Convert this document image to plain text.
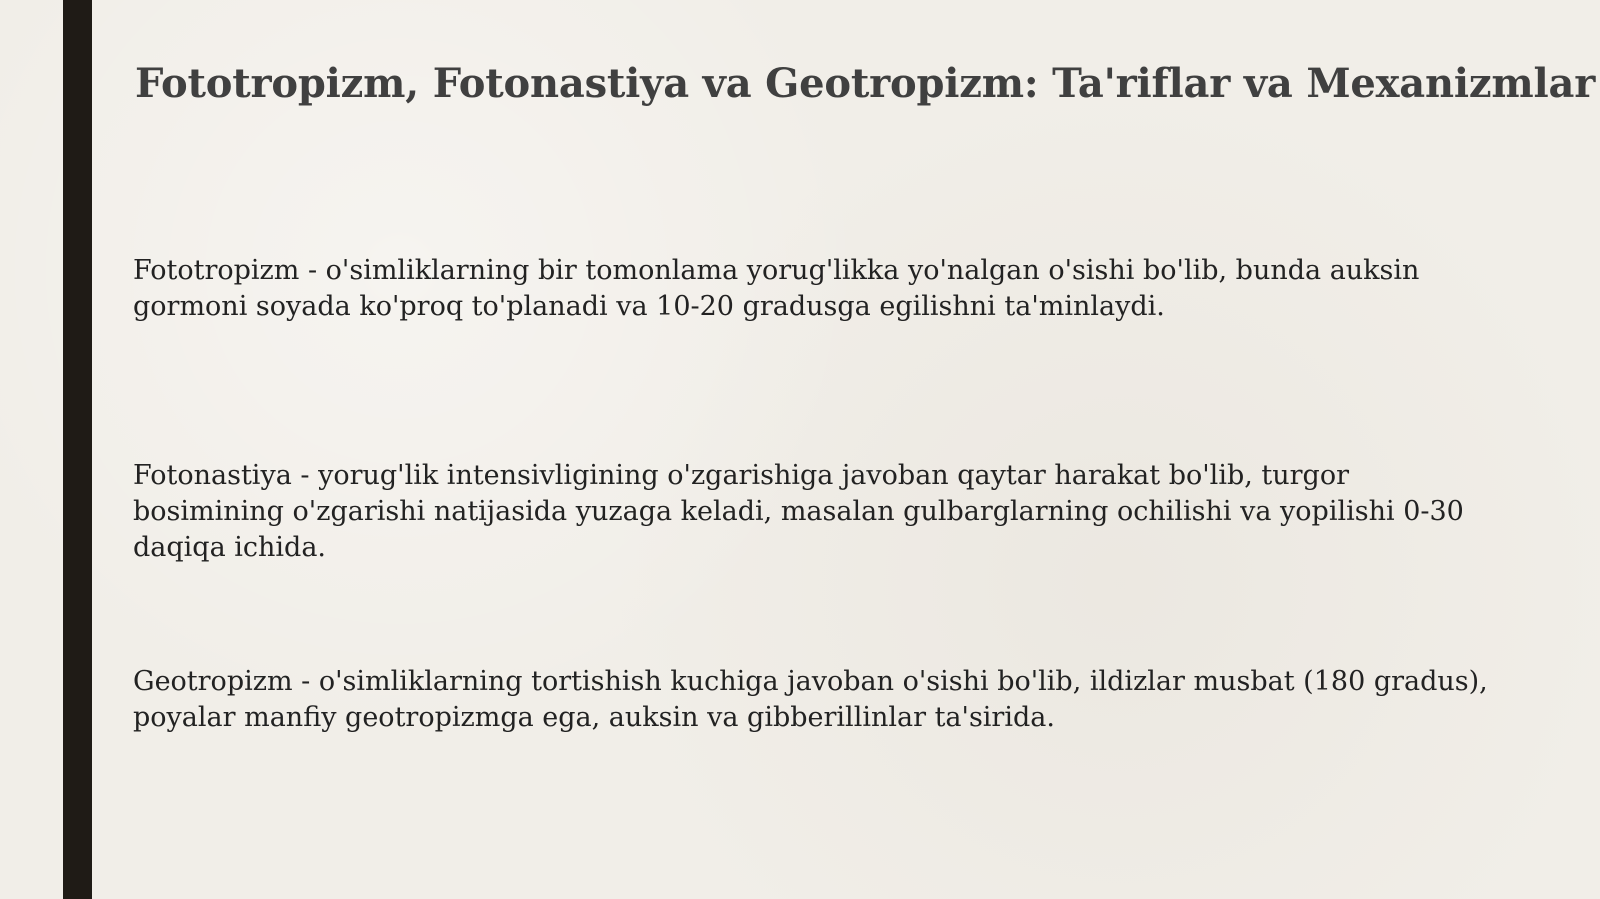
Fototropizm, Fotonastiya va Geotropizm: Ta'riflar va Mexanizmlar

Fototropizm - o'simliklarning bir tomonlama yorug'likka yo'nalgan o'sishi bo'lib, bunda auksin gormoni soyada ko'proq to'planadi va 10-20 gradusga egilishni ta'minlaydi.

Fotonastiya - yorug'lik intensivligining o'zgarishiga javoban qaytar harakat bo'lib, turgor bosimining o'zgarishi natijasida yuzaga keladi, masalan gulbarglarning ochilishi va yopilishi 0-30 daqiqa ichida.

Geotropizm - o'simliklarning tortishish kuchiga javoban o'sishi bo'lib, ildizlar musbat (180 gradus), poyalar manfiy geotropizmga ega, auksin va gibberillinlar ta'sirida.
